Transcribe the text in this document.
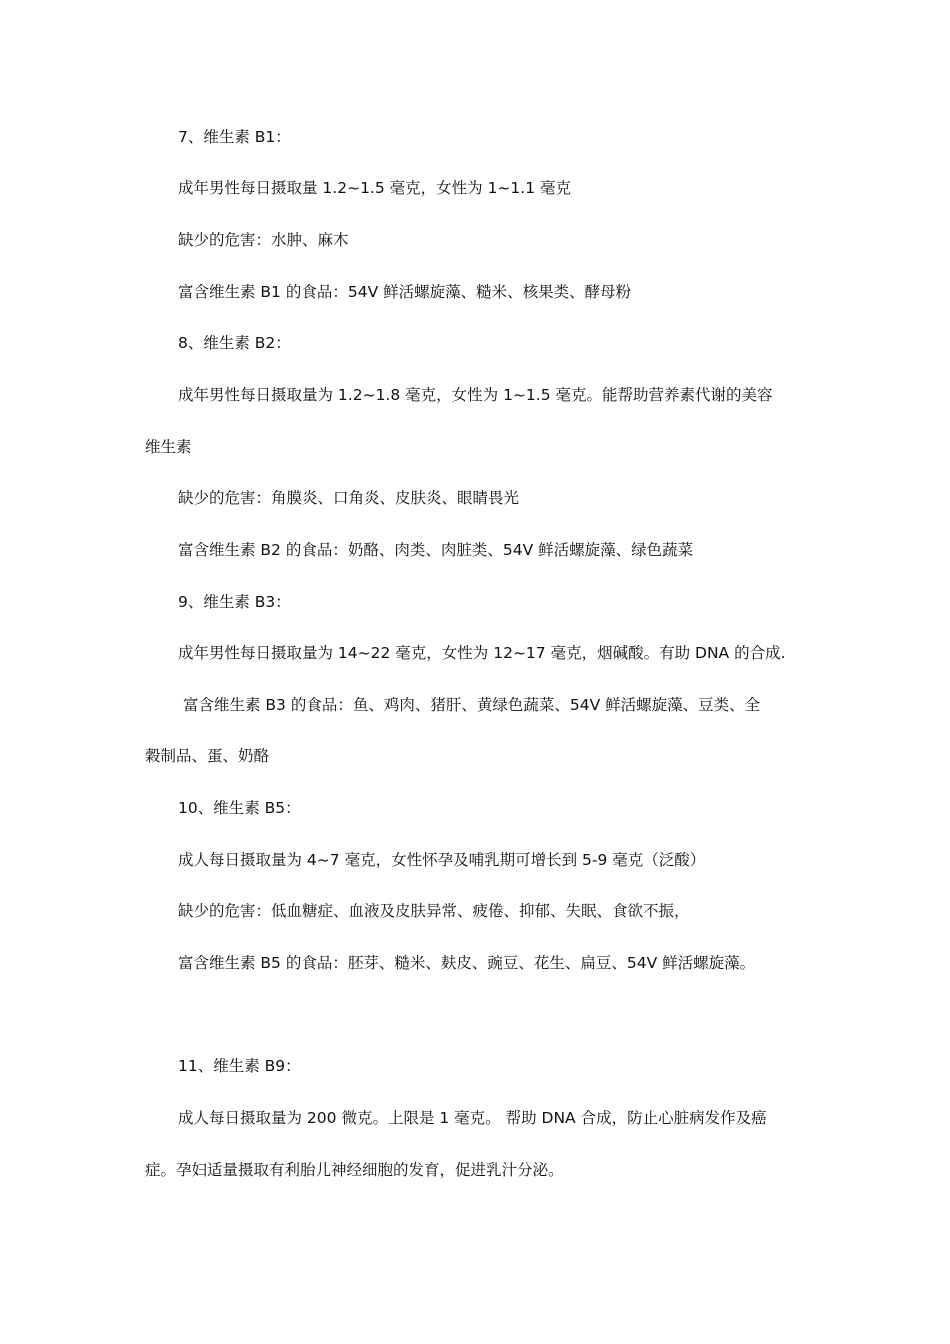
7、维生素 B1：
成年男性每日摄取量 1.2~1.5 毫克，女性为 1~1.1 毫克
缺少的危害：水肿、麻木
富含维生素 B1 的食品：54V 鲜活螺旋藻、糙米、核果类、酵母粉
8、维生素 B2：
成年男性每日摄取量为 1.2~1.8 毫克，女性为 1~1.5 毫克。能帮助营养素代谢的美容
维生素
缺少的危害：角膜炎、口角炎、皮肤炎、眼睛畏光
富含维生素 B2 的食品：奶酪、肉类、肉脏类、54V 鲜活螺旋藻、绿色蔬菜
9、维生素 B3：
成年男性每日摄取量为 14~22 毫克，女性为 12~17 毫克，烟碱酸。有助 DNA 的合成.
富含维生素 B3 的食品：鱼、鸡肉、猪肝、黄绿色蔬菜、54V 鲜活螺旋藻、豆类、全
穀制品、蛋、奶酪
10、维生素 B5：
成人每日摄取量为 4~7 毫克，女性怀孕及哺乳期可增长到 5-9 毫克（泛酸）
缺少的危害：低血糖症、血液及皮肤异常、疲倦、抑郁、失眠、食欲不振，
富含维生素 B5 的食品：胚芽、糙米、麸皮、豌豆、花生、扁豆、54V 鲜活螺旋藻。
11、维生素 B9：
成人每日摄取量为 200 微克。上限是 1 毫克。 帮助 DNA 合成，防止心脏病发作及癌
症。孕妇适量摄取有利胎儿神经细胞的发育，促进乳汁分泌。
